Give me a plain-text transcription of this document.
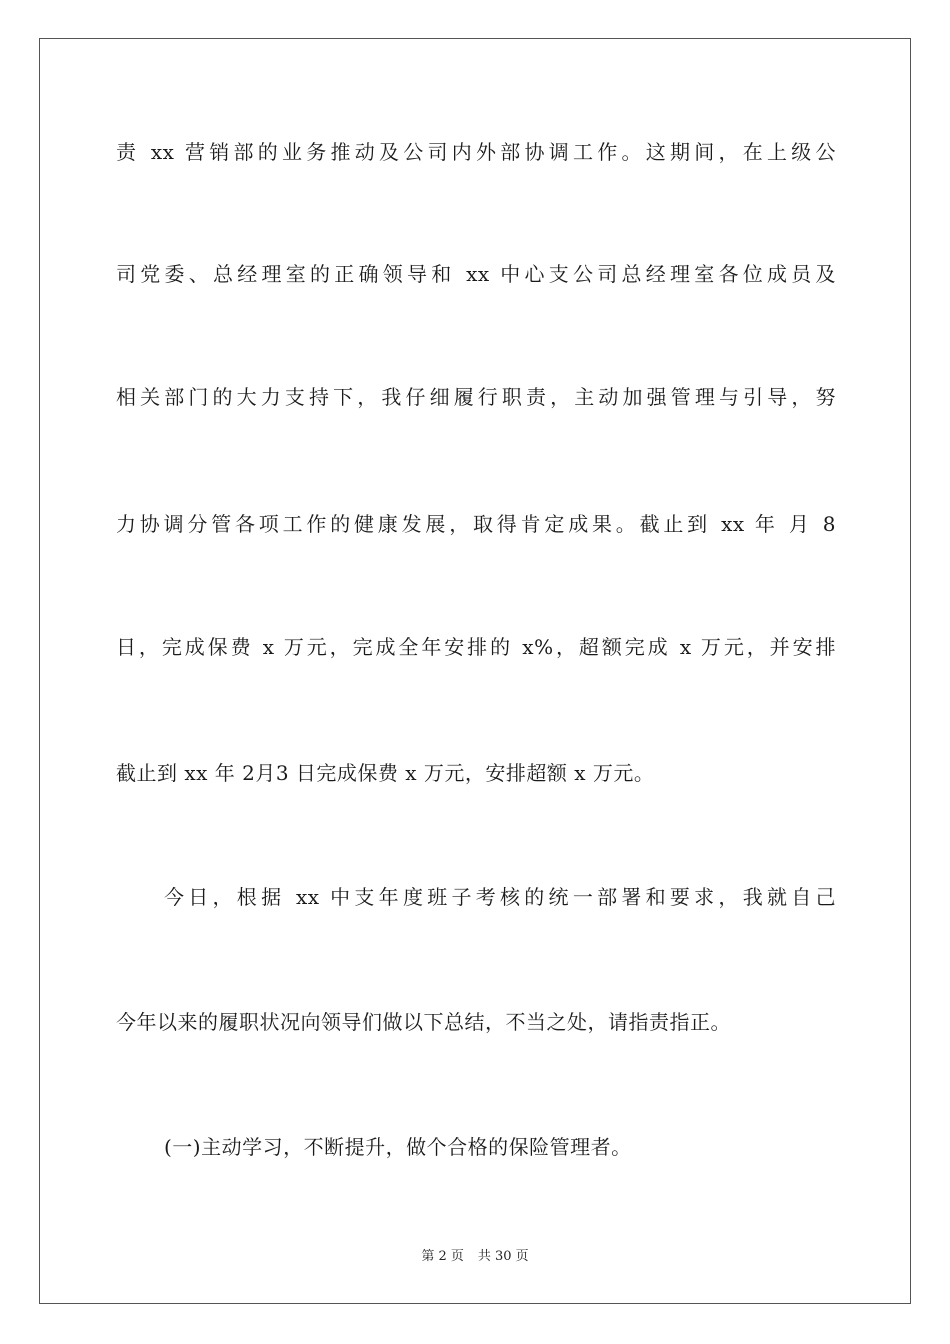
责 xx 营销部的业务推动及公司内外部协调工作。这期间，在上级公
司党委、总经理室的正确领导和 xx 中心支公司总经理室各位成员及
相关部门的大力支持下，我仔细履行职责，主动加强管理与引导，努
力协调分管各项工作的健康发展，取得肯定成果。截止到 xx 年 月 8
日，完成保费 x 万元，完成全年安排的 x%，超额完成 x 万元，并安排
截止到 xx 年 2月3 日完成保费 x 万元，安排超额 x 万元。
今日，根据 xx 中支年度班子考核的统一部署和要求，我就自己
今年以来的履职状况向领导们做以下总结，不当之处，请指责指正。
(一)主动学习，不断提升，做个合格的保险管理者。
第 2 页 共 30 页
